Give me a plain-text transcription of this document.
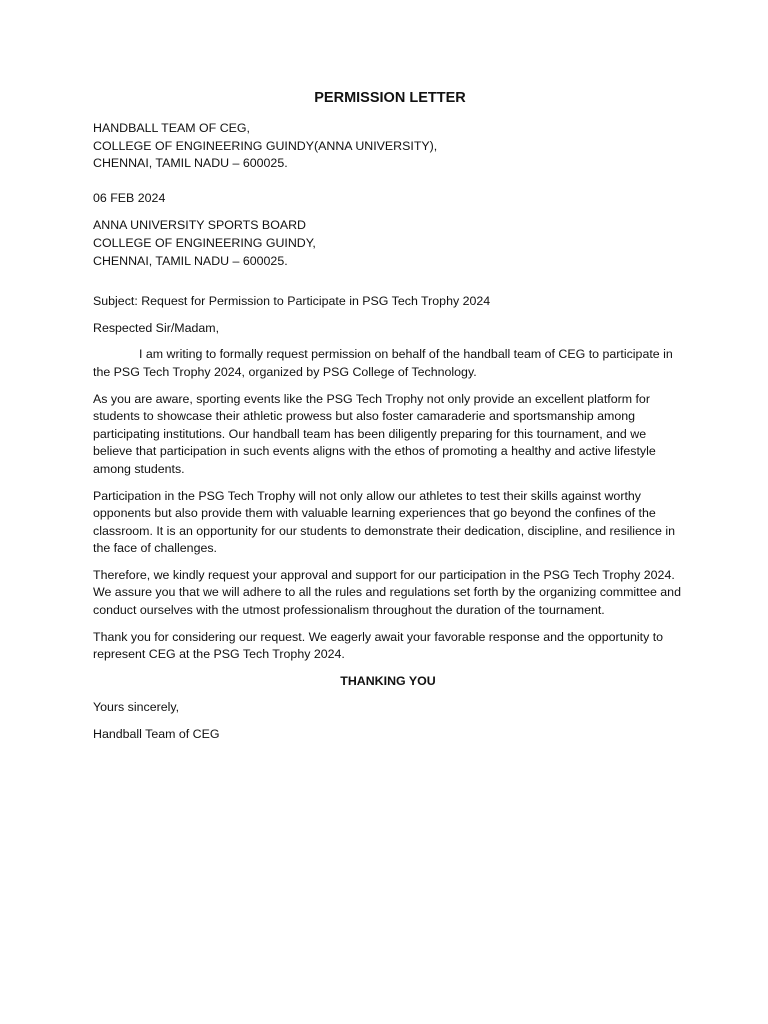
PERMISSION LETTER
HANDBALL TEAM OF CEG,
COLLEGE OF ENGINEERING GUINDY(ANNA UNIVERSITY),
CHENNAI, TAMIL NADU – 600025.
06 FEB 2024
ANNA UNIVERSITY SPORTS BOARD
COLLEGE OF ENGINEERING GUINDY,
CHENNAI, TAMIL NADU – 600025.
Subject: Request for Permission to Participate in PSG Tech Trophy 2024
Respected Sir/Madam,

I am writing to formally request permission on behalf of the handball team of CEG to participate in the PSG Tech Trophy 2024, organized by PSG College of Technology.

As you are aware, sporting events like the PSG Tech Trophy not only provide an excellent platform for students to showcase their athletic prowess but also foster camaraderie and sportsmanship among participating institutions. Our handball team has been diligently preparing for this tournament, and we believe that participation in such events aligns with the ethos of promoting a healthy and active lifestyle among students.

Participation in the PSG Tech Trophy will not only allow our athletes to test their skills against worthy opponents but also provide them with valuable learning experiences that go beyond the confines of the classroom. It is an opportunity for our students to demonstrate their dedication, discipline, and resilience in the face of challenges.

Therefore, we kindly request your approval and support for our participation in the PSG Tech Trophy 2024. We assure you that we will adhere to all the rules and regulations set forth by the organizing committee and conduct ourselves with the utmost professionalism throughout the duration of the tournament.

Thank you for considering our request. We eagerly await your favorable response and the opportunity to represent CEG at the PSG Tech Trophy 2024.

THANKING YOU
Yours sincerely,
Handball Team of CEG
